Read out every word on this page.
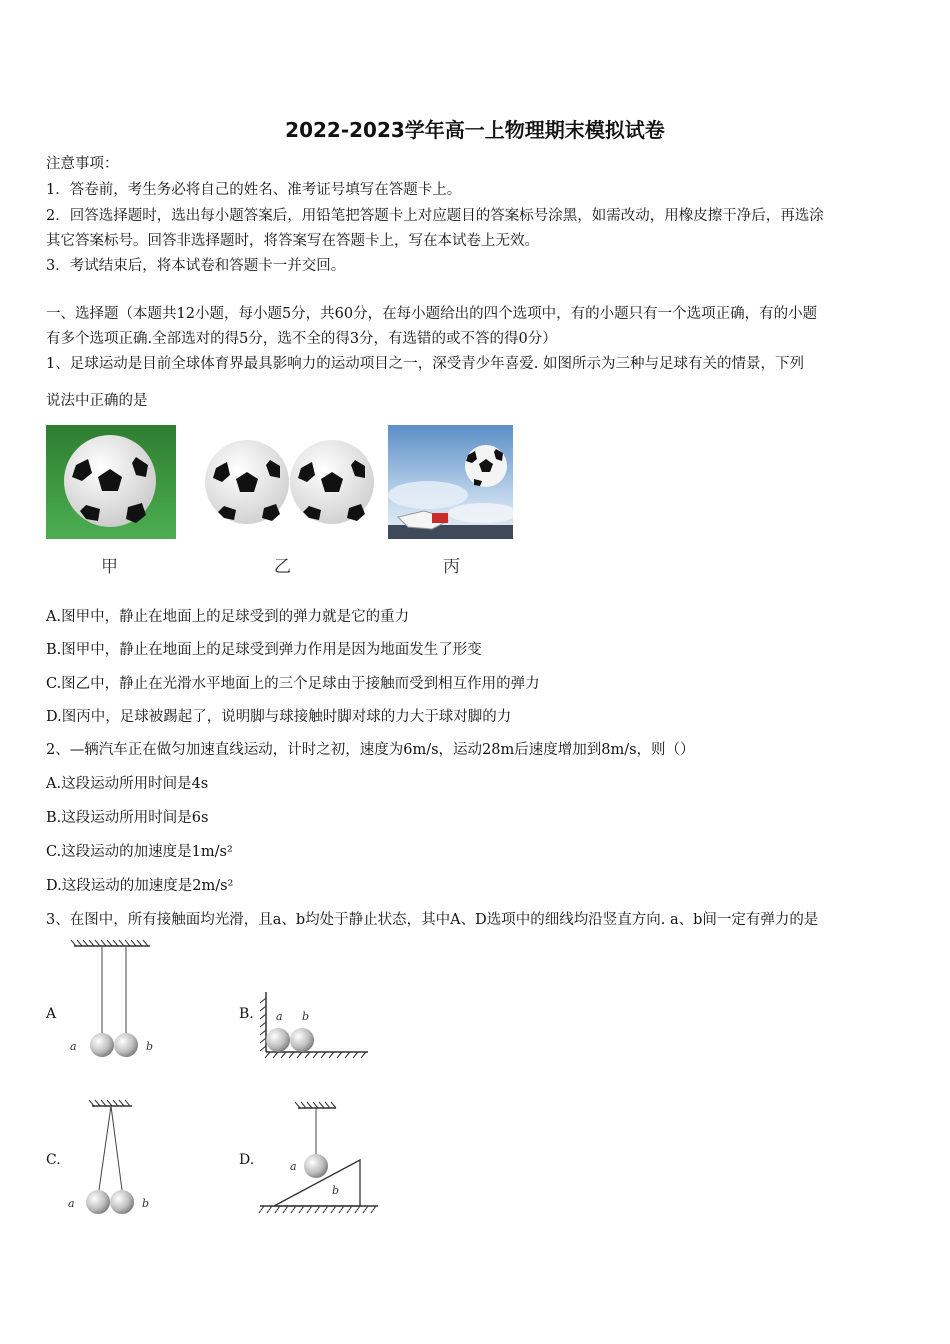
2022-2023学年高一上物理期末模拟试卷
注意事项：
1．答卷前，考生务必将自己的姓名、准考证号填写在答题卡上。
2．回答选择题时，选出每小题答案后，用铅笔把答题卡上对应题目的答案标号涂黑，如需改动，用橡皮擦干净后，再选涂
其它答案标号。回答非选择题时，将答案写在答题卡上，写在本试卷上无效。
3．考试结束后，将本试卷和答题卡一并交回。
一、选择题（本题共12小题，每小题5分，共60分，在每小题给出的四个选项中，有的小题只有一个选项正确，有的小题
有多个选项正确.全部选对的得5分，选不全的得3分，有选错的或不答的得0分）
1、足球运动是目前全球体育界最具影响力的运动项目之一，深受青少年喜爱. 如图所示为三种与足球有关的情景，下列
说法中正确的是
甲	乙	丙
A.图甲中，静止在地面上的足球受到的弹力就是它的重力
B.图甲中，静止在地面上的足球受到弹力作用是因为地面发生了形变
C.图乙中，静止在光滑水平地面上的三个足球由于接触而受到相互作用的弹力
D.图丙中，足球被踢起了，说明脚与球接触时脚对球的力大于球对脚的力
2、—辆汽车正在做匀加速直线运动，计时之初，速度为6m/s，运动28m后速度增加到8m/s，则（）
A.这段运动所用时间是4s
B.这段运动所用时间是6s
C.这段运动的加速度是1m/s²
D.这段运动的加速度是2m/s²
3、在图中，所有接触面均光滑，且a、b均处于静止状态，其中A、D选项中的细线均沿竖直方向. a、b间一定有弹力的是
A
a	b
B. a b
C.
a	b
D.	a
b
